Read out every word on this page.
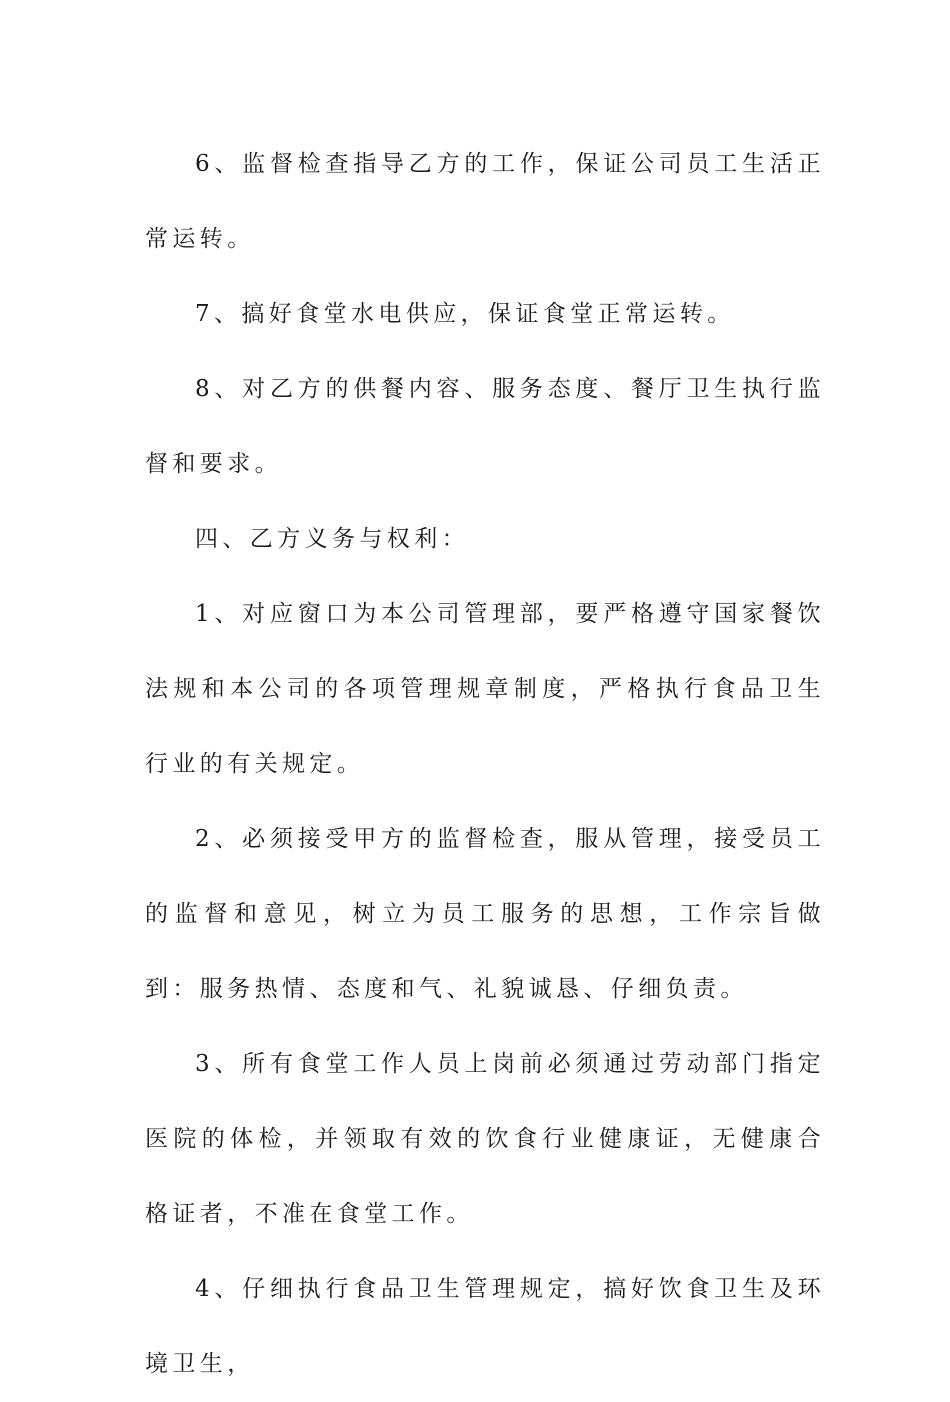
6、监督检查指导乙方的工作，保证公司员工生活正常运转。

7、搞好食堂水电供应，保证食堂正常运转。

8、对乙方的供餐内容、服务态度、餐厅卫生执行监督和要求。

四、乙方义务与权利：

1、对应窗口为本公司管理部，要严格遵守国家餐饮法规和本公司的各项管理规章制度，严格执行食品卫生行业的有关规定。

2、必须接受甲方的监督检查，服从管理，接受员工的监督和意见，树立为员工服务的思想，工作宗旨做到：服务热情、态度和气、礼貌诚恳、仔细负责。

3、所有食堂工作人员上岗前必须通过劳动部门指定医院的体检，并领取有效的饮食行业健康证，无健康合格证者，不准在食堂工作。

4、仔细执行食品卫生管理规定，搞好饮食卫生及环境卫生，
